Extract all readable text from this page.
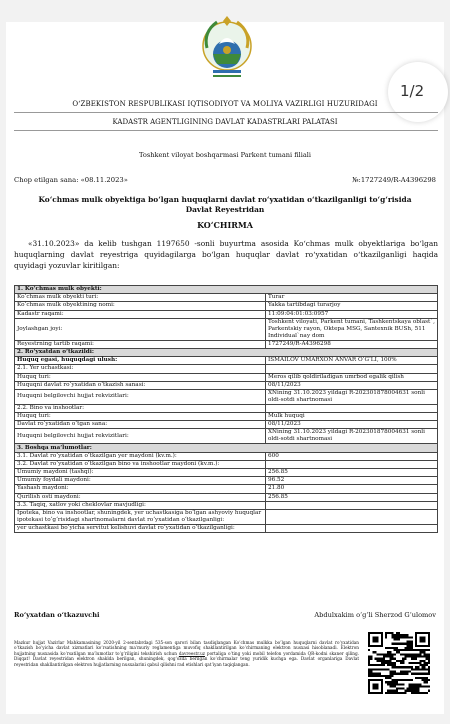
1/2
O‘ZBEKISTON RESPUBLIKASI IQTISODIYOT VA MOLIYA VAZIRLIGI HUZURIDAGI
KADASTR AGENTLIGINING DAVLAT KADASTRLARI PALATASI
Toshkent viloyat boshqarmasi Parkent tumani filiali
Chop etilgan sana: «08.11.2023»	№:1727249/R-A4396298
Ko‘chmas mulk obyektiga bo‘lgan huquqlarni davlat ro‘yxatidan o‘tkazilganligi to‘g‘risida Davlat Reyestridan
KO‘CHIRMA
«31.10.2023» da kelib tushgan 1197650 -sonli buyurtma asosida Ko‘chmas mulk obyektlariga bo‘lgan huquqlarning davlat reyestriga quyidagilarga bo‘lgan huquqlar davlat ro‘yxatidan o‘tkazilganligi haqida quyidagi yozuvlar kiritilgan:
1. Ko‘chmas mulk obyekti:	
Ko‘chmas mulk obyekti turi:	Turar
Ko‘chmas mulk obyektining nomi:	Yakka tartibdagi turarjoy
Kadastr raqami:	11:09:04:01:03:0957
Joylashgan joyi:	Toshkent viloyati, Parkent tumani, Tashkentskaya oblast`, Parkentskiy rayon, Oktepa MSG, Santexnik BUSh, 511 Individual`naу dom
Reyestrning tartib raqami:	1727249/R-A4396298
2. Ro‘yxatdan o‘tkazildi:	
Huquq egasi, huquqdagi ulush:	ISMAILOV UMARXON ANVAR O‘G‘LI, 100%
2.1. Yer uchastkasi:	
Huquq turi:	Meros qilib qoldiriladigan umrbod egalik qilish
Huquqni davlat ro‘yxatidan o‘tkazish sanasi:	08/11/2023
Huquqni belgilovchi hujjat rekvizitlari:	XNining 31.10.2023 yildagi R-202301878004631 sonli oldi-sotdi shartnomasi
2.2. Bino va inshootlar:	
Huquq turi:	Mulk huquqi
Davlat ro‘yxatidan o‘tgan sana:	08/11/2023
Huquqni belgilovchi hujjat rekvizitlari:	XNining 31.10.2023 yildagi R-202301878004631 sonli oldi-sotdi shartnomasi
3. Boshqa ma‘lumotlar:	
3.1. Davlat ro‘yxatidan o‘tkazilgan yer maydoni (kv.m.):	600
3.2. Davlat ro‘yxatidan o‘tkazilgan bino va inshootlar maydoni (kv.m.):	
Umumiy maydoni (tashqi):	256.85
Umumiy foydali maydoni:	96.52
Yashash maydoni:	21.80
Qurilish osti maydoni:	256.85
3.3. Taqiq, xatlov yoki cheklovlar mavjudligi:	
Ipoteka, bino va inshootlar, shuningdek, yer uchastkasiga bo‘lgan ashyoviy huquqlar ipotekasi to‘g‘risidagi shartnomalarni davlat ro‘yxatidan o‘tkazilganligi:	
yer uchastkasi bo‘yicha servitut kelishuvi davlat ro‘yxatidan o‘tkazilganligi:	
Ro‘yxatdan o‘tkazuvchi	Abdulxakim o‘g‘li Sherzod G‘ulomov
Mazkur hujjat Vazirlar Mahkamasining 2020-yil 2-sentabrdagi 535-son qarori bilan tasdiqlangan Ko‘chmas mulkka bo‘lgan huquqlarni davlat ro‘yxatidan o‘tkazish bo‘yicha davlat xizmatlari ko‘rsatishning ma‘muriy reglamentiga muvofiq shakllantirilgan ko‘chirmaning elektron nusxasi hisoblanadi. Elektron hujjatning nusxasida ko‘rsatilgan ma‘lumotlar to‘g‘riligini tekshirish uchun davreestr.uz portaliga o‘ting yoki mobil telefon yordamida QR-kodni skaner qiling. Diqqat! Davlat reyestridan elektron shaklda berilgan, shuningdek, qog‘ozda berilgan ko‘chirmalar teng yuridik kuchga ega. Davlat organlariga Davlat reyestridan shakllantirilgan elektron hujjatlarning nusxalarini qabul qilishni rad etishlari qat‘iyan taqiqlangan.
